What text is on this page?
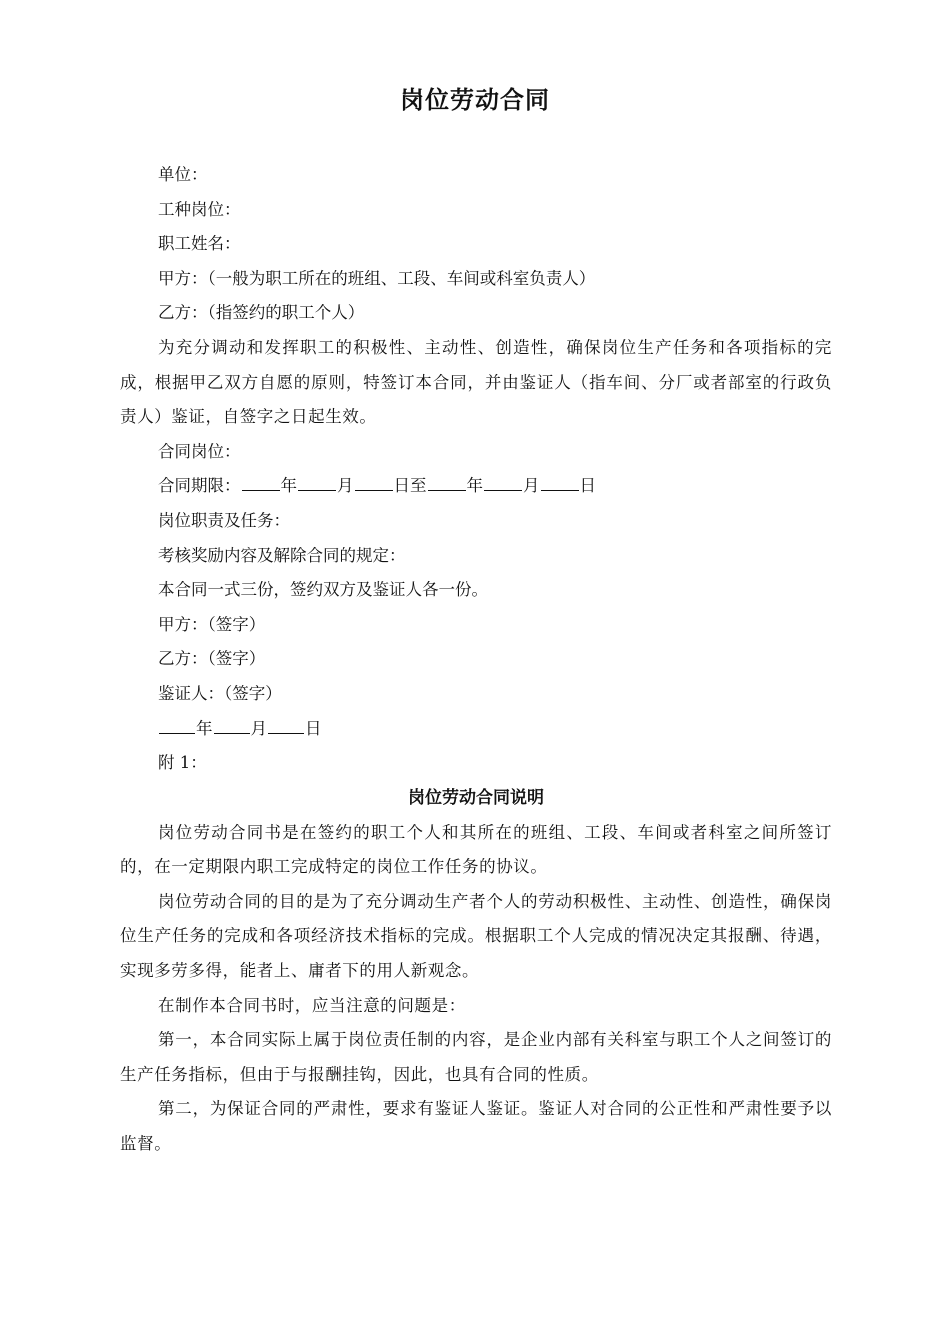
岗位劳动合同

单位：

工种岗位：

职工姓名：

甲方：（一般为职工所在的班组、工段、车间或科室负责人）

乙方：（指签约的职工个人）

为充分调动和发挥职工的积极性、主动性、创造性，确保岗位生产任务和各项指标的完成，根据甲乙双方自愿的原则，特签订本合同，并由鉴证人（指车间、分厂或者部室的行政负责人）鉴证，自签字之日起生效。

合同岗位：

合同期限： 年 月 日至 年 月 日

岗位职责及任务：

考核奖励内容及解除合同的规定：

本合同一式三份，签约双方及鉴证人各一份。

甲方：（签字）

乙方：（签字）

鉴证人：（签字）

年 月 日

附 1：

岗位劳动合同说明

岗位劳动合同书是在签约的职工个人和其所在的班组、工段、车间或者科室之间所签订的，在一定期限内职工完成特定的岗位工作任务的协议。

岗位劳动合同的目的是为了充分调动生产者个人的劳动积极性、主动性、创造性，确保岗位生产任务的完成和各项经济技术指标的完成。根据职工个人完成的情况决定其报酬、待遇，实现多劳多得，能者上、庸者下的用人新观念。

在制作本合同书时，应当注意的问题是：

第一，本合同实际上属于岗位责任制的内容，是企业内部有关科室与职工个人之间签订的生产任务指标，但由于与报酬挂钩，因此，也具有合同的性质。

第二，为保证合同的严肃性，要求有鉴证人鉴证。鉴证人对合同的公正性和严肃性要予以监督。
